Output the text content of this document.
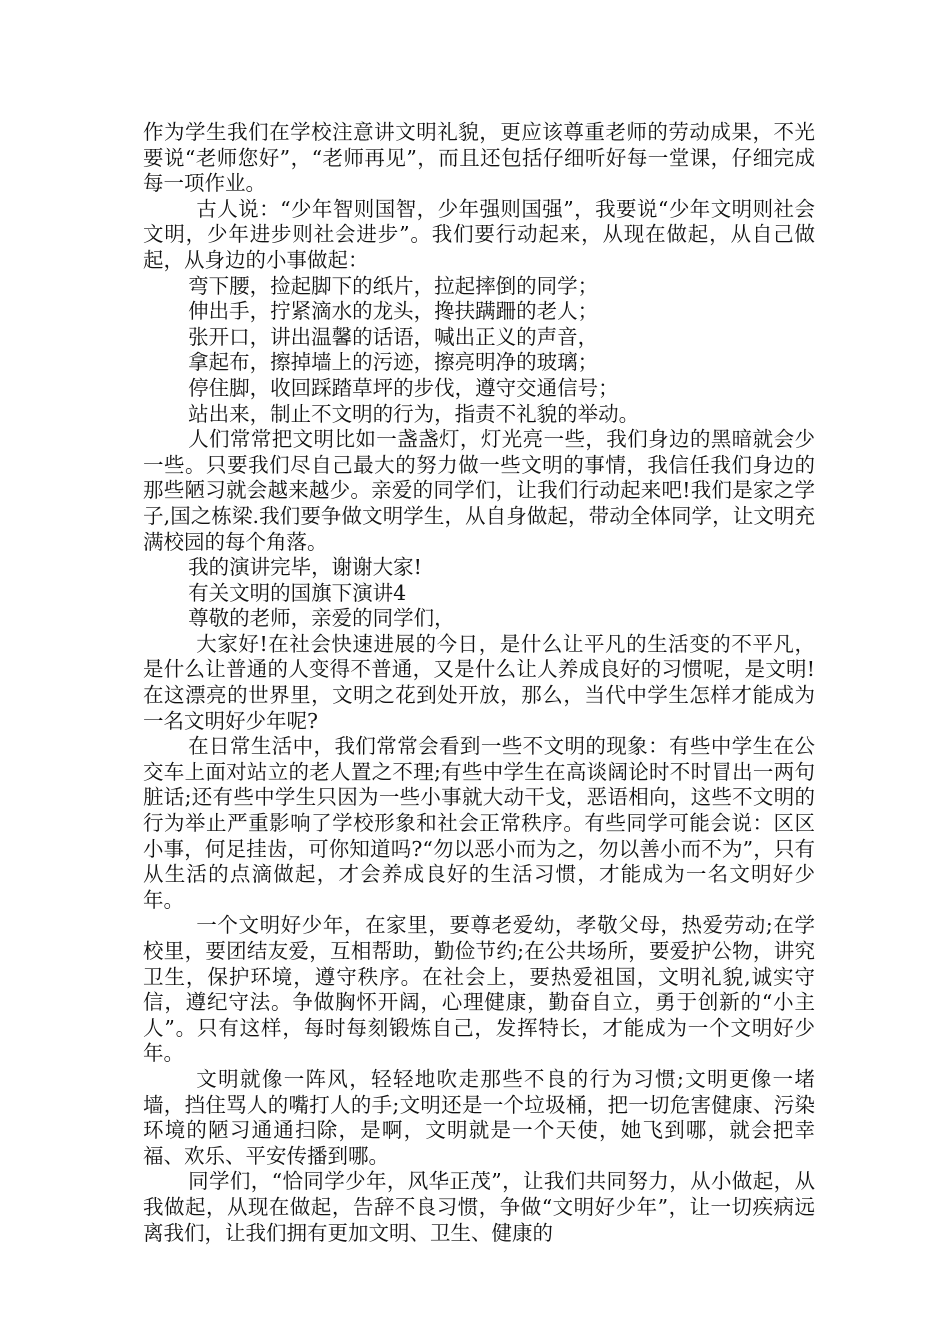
作为学生我们在学校注意讲文明礼貌，更应该尊重老师的劳动成果，不光要说“老师您好”，“老师再见”，而且还包括仔细听好每一堂课，仔细完成每一项作业。

古人说：“少年智则国智，少年强则国强”，我要说“少年文明则社会文明，少年进步则社会进步”。我们要行动起来，从现在做起，从自己做起，从身边的小事做起：

弯下腰，捡起脚下的纸片，拉起摔倒的同学；

伸出手，拧紧滴水的龙头，搀扶蹒跚的老人；

张开口，讲出温馨的话语，喊出正义的声音，

拿起布，擦掉墙上的污迹，擦亮明净的玻璃；

停住脚，收回踩踏草坪的步伐，遵守交通信号；

站出来，制止不文明的行为，指责不礼貌的举动。

人们常常把文明比如一盏盏灯，灯光亮一些，我们身边的黑暗就会少一些。只要我们尽自己最大的努力做一些文明的事情，我信任我们身边的那些陋习就会越来越少。亲爱的同学们，让我们行动起来吧!我们是家之学子,国之栋梁.我们要争做文明学生，从自身做起，带动全体同学，让文明充满校园的每个角落。

我的演讲完毕，谢谢大家!

有关文明的国旗下演讲4

尊敬的老师，亲爱的同学们，

大家好!在社会快速进展的今日，是什么让平凡的生活变的不平凡，是什么让普通的人变得不普通，又是什么让人养成良好的习惯呢，是文明!在这漂亮的世界里，文明之花到处开放，那么，当代中学生怎样才能成为一名文明好少年呢?

在日常生活中，我们常常会看到一些不文明的现象：有些中学生在公交车上面对站立的老人置之不理;有些中学生在高谈阔论时不时冒出一两句脏话;还有些中学生只因为一些小事就大动干戈，恶语相向，这些不文明的行为举止严重影响了学校形象和社会正常秩序。有些同学可能会说：区区小事，何足挂齿，可你知道吗?“勿以恶小而为之，勿以善小而不为”，只有从生活的点滴做起，才会养成良好的生活习惯，才能成为一名文明好少年。

一个文明好少年，在家里，要尊老爱幼，孝敬父母，热爱劳动;在学校里，要团结友爱，互相帮助，勤俭节约;在公共场所，要爱护公物，讲究卫生，保护环境，遵守秩序。在社会上，要热爱祖国，文明礼貌,诚实守信，遵纪守法。争做胸怀开阔，心理健康，勤奋自立，勇于创新的“小主人”。只有这样，每时每刻锻炼自己，发挥特长，才能成为一个文明好少年。

文明就像一阵风，轻轻地吹走那些不良的行为习惯;文明更像一堵墙，挡住骂人的嘴打人的手;文明还是一个垃圾桶，把一切危害健康、污染环境的陋习通通扫除，是啊，文明就是一个天使，她飞到哪，就会把幸福、欢乐、平安传播到哪。

同学们，“恰同学少年，风华正茂”，让我们共同努力，从小做起，从我做起，从现在做起，告辞不良习惯，争做“文明好少年”，让一切疾病远离我们，让我们拥有更加文明、卫生、健康的
